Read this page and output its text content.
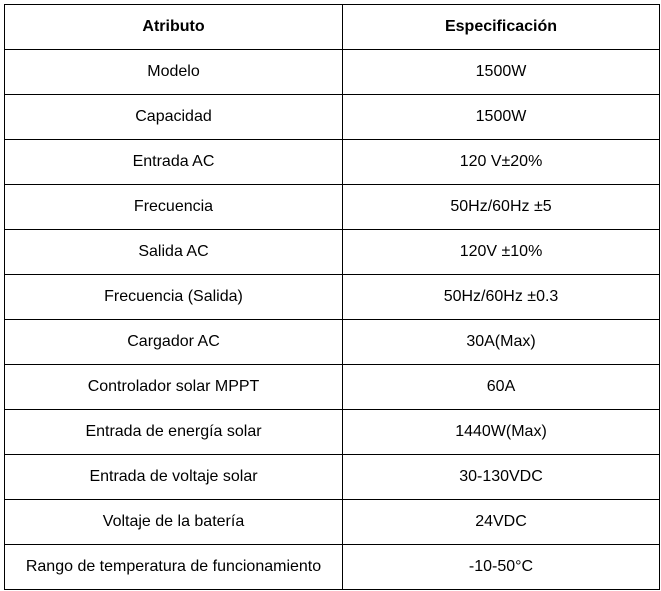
Atributo	Especificación
Modelo	1500W
Capacidad	1500W
Entrada AC	120 V±20%
Frecuencia	50Hz/60Hz ±5
Salida AC	120V ±10%
Frecuencia (Salida)	50Hz/60Hz ±0.3
Cargador AC	30A(Max)
Controlador solar MPPT	60A
Entrada de energía solar	1440W(Max)
Entrada de voltaje solar	30-130VDC
Voltaje de la batería	24VDC
Rango de temperatura de funcionamiento	-10-50°C
